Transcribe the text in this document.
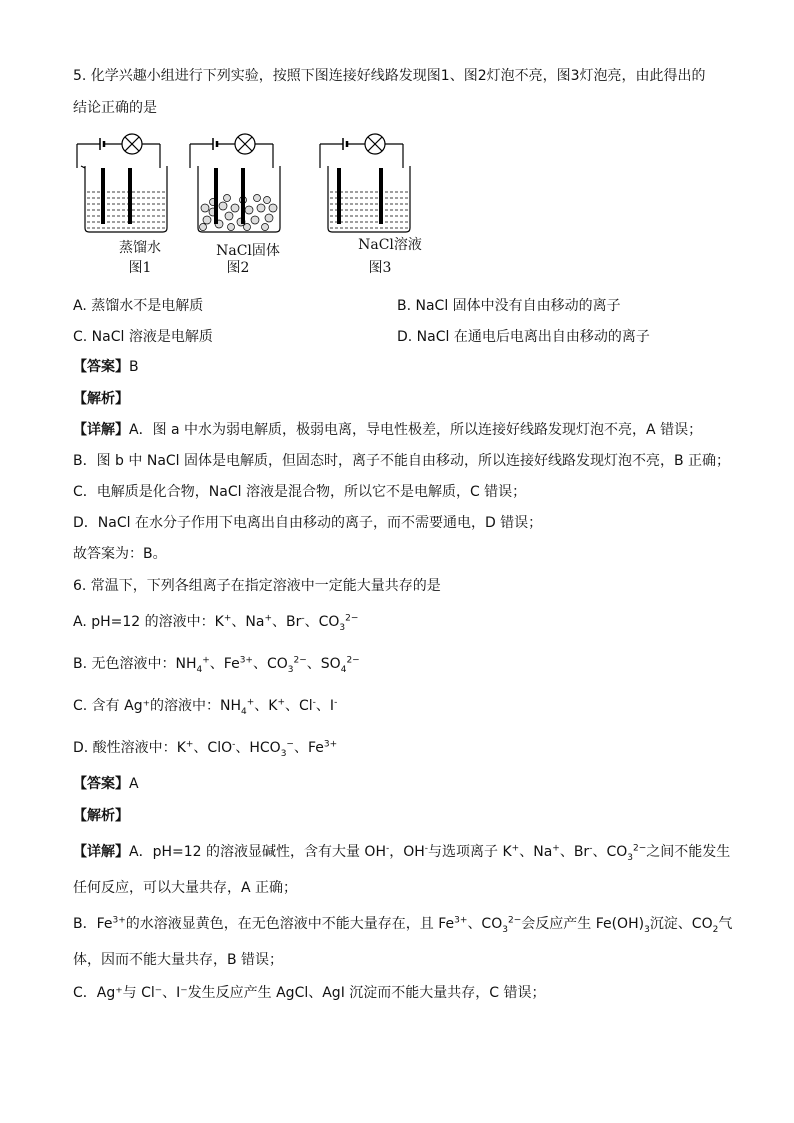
5. 化学兴趣小组进行下列实验，按照下图连接好线路发现图1、图2灯泡不亮，图3灯泡亮，由此得出的
结论正确的是
蒸馏水
图1
NaCl固体
图2
NaCl溶液
图3
A. 蒸馏水不是电解质	B. NaCl 固体中没有自由移动的离子
C. NaCl 溶液是电解质	D. NaCl 在通电后电离出自由移动的离子
【答案】B
【解析】
【详解】A．图 a 中水为弱电解质，极弱电离，导电性极差，所以连接好线路发现灯泡不亮，A 错误；
B．图 b 中 NaCl 固体是电解质，但固态时，离子不能自由移动，所以连接好线路发现灯泡不亮，B 正确；
C．电解质是化合物，NaCl 溶液是混合物，所以它不是电解质，C 错误；
D．NaCl 在水分子作用下电离出自由移动的离子，而不需要通电，D 错误；
故答案为：B。
6. 常温下，下列各组离子在指定溶液中一定能大量共存的是
A. pH=12 的溶液中：K+、Na+、Br-、$CO_3^{2-}$
B. 无色溶液中：$NH_4^+$、$Fe^{3+}$、$CO_3^{2-}$、$SO_4^{2-}$
C. 含有 Ag⁺的溶液中：$NH_4^+$、K+、Cl-、I-
D. 酸性溶液中：K+、ClO-、$HCO_3^-$、$Fe^{3+}$
【答案】A
【解析】
【详解】A．pH=12 的溶液显碱性，含有大量 OH-，OH-与选项离子 K+、Na+、Br-、$CO_3^{2-}$之间不能发生
任何反应，可以大量共存，A 正确；
B．$Fe^{3+}$的水溶液显黄色，在无色溶液中不能大量存在，且 $Fe^{3+}$、$CO_3^{2-}$会反应产生 $Fe(OH)_3$沉淀、$CO_2$气
体，因而不能大量共存，B 错误；
C．Ag⁺与 Cl⁻、I⁻发生反应产生 AgCl、AgI 沉淀而不能大量共存，C 错误；
